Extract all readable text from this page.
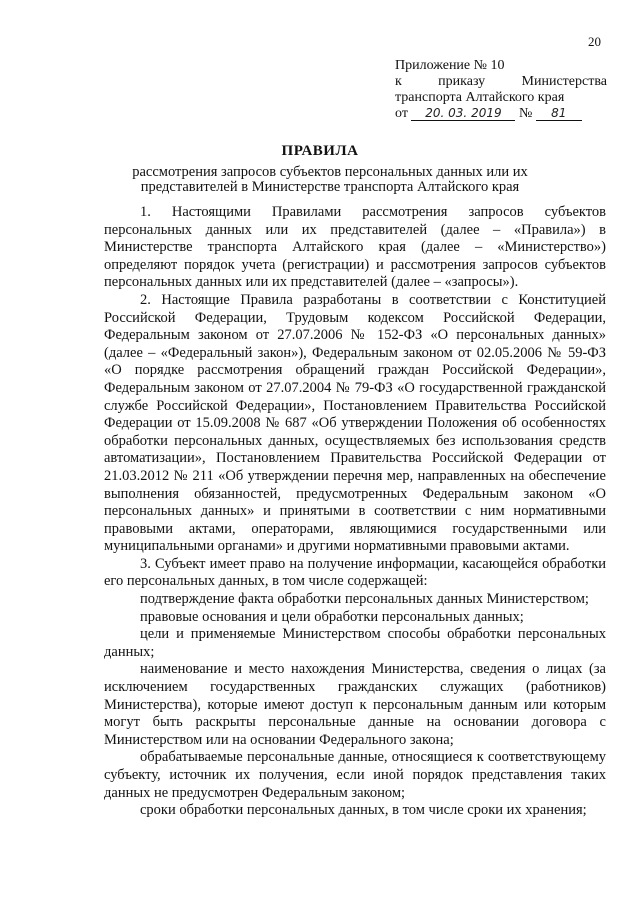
20
Приложение № 10
к приказу Министерства
транспорта Алтайского края
от 20. 03. 2019 № 81
ПРАВИЛА
рассмотрения запросов субъектов персональных данных или их представителей в Министерстве транспорта Алтайского края

1. Настоящими Правилами рассмотрения запросов субъектов персональных данных или их представителей (далее – «Правила») в Министерстве транспорта Алтайского края (далее – «Министерство») определяют порядок учета (регистрации) и рассмотрения запросов субъектов персональных данных или их представителей (далее – «запросы»).

2. Настоящие Правила разработаны в соответствии с Конституцией Российской Федерации, Трудовым кодексом Российской Федерации, Федеральным законом от 27.07.2006 № 152-ФЗ «О персональных данных» (далее – «Федеральный закон»), Федеральным законом от 02.05.2006 № 59-ФЗ «О порядке рассмотрения обращений граждан Российской Федерации», Федеральным законом от 27.07.2004 № 79-ФЗ «О государственной гражданской службе Российской Федерации», Постановлением Правительства Российской Федерации от 15.09.2008 № 687 «Об утверждении Положения об особенностях обработки персональных данных, осуществляемых без использования средств автоматизации», Постановлением Правительства Российской Федерации от 21.03.2012 № 211 «Об утверждении перечня мер, направленных на обеспечение выполнения обязанностей, предусмотренных Федеральным законом «О персональных данных» и принятыми в соответствии с ним нормативными правовыми актами, операторами, являющимися государственными или муниципальными органами» и другими нормативными правовыми актами.

3. Субъект имеет право на получение информации, касающейся обработки его персональных данных, в том числе содержащей:

подтверждение факта обработки персональных данных Министерством;

правовые основания и цели обработки персональных данных;

цели и применяемые Министерством способы обработки персональных данных;

наименование и место нахождения Министерства, сведения о лицах (за исключением государственных гражданских служащих (работников) Министерства), которые имеют доступ к персональным данным или которым могут быть раскрыты персональные данные на основании договора с Министерством или на основании Федерального закона;

обрабатываемые персональные данные, относящиеся к соответствующему субъекту, источник их получения, если иной порядок представления таких данных не предусмотрен Федеральным законом;

сроки обработки персональных данных, в том числе сроки их хранения;
